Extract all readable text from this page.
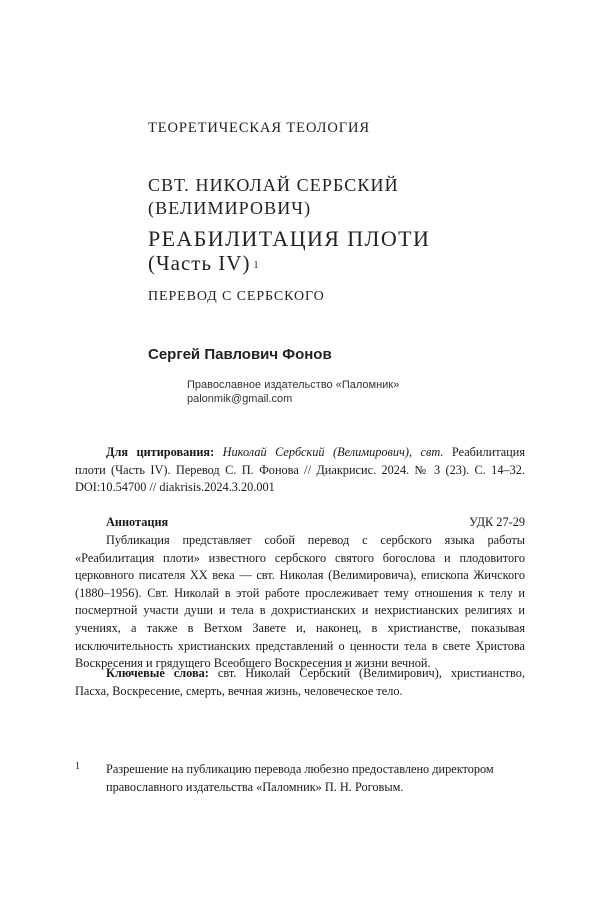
ТЕОРЕТИЧЕСКАЯ ТЕОЛОГИЯ
СВТ. НИКОЛАЙ СЕРБСКИЙ
(ВЕЛИМИРОВИЧ)
РЕАБИЛИТАЦИЯ ПЛОТИ
(Часть IV) $^1$
ПЕРЕВОД С СЕРБСКОГО
Сергей Павлович Фонов
Православное издательство «Паломник»
palonmik@gmail.com

Для цитирования: Николай Сербский (Велимирович), свт. Реабилитация плоти (Часть IV). Перевод С. П. Фонова // Диакрисис. 2024. № 3 (23). С. 14–32. DOI:10.54700 // diakrisis.2024.3.20.001

Аннотация	УДК 27-29

Публикация представляет собой перевод с сербского языка работы «Реабилитация плоти» известного сербского святого богослова и плодовитого церковного писателя XX века — свт. Николая (Велимировича), епископа Жичского (1880–1956). Свт. Николай в этой работе прослеживает тему отношения к телу и посмертной участи души и тела в дохристианских и нехристианских религиях и учениях, а также в Ветхом Завете и, наконец, в христианстве, показывая исключительность христианских представлений о ценности тела в свете Христова Воскресения и грядущего Всеобщего Воскресения и жизни вечной.

Ключевые слова: свт. Николай Сербский (Велимирович), христианство, Пасха, Воскресение, смерть, вечная жизнь, человеческое тело.

1 Разрешение на публикацию перевода любезно предоставлено директором православного издательства «Паломник» П. Н. Роговым.
